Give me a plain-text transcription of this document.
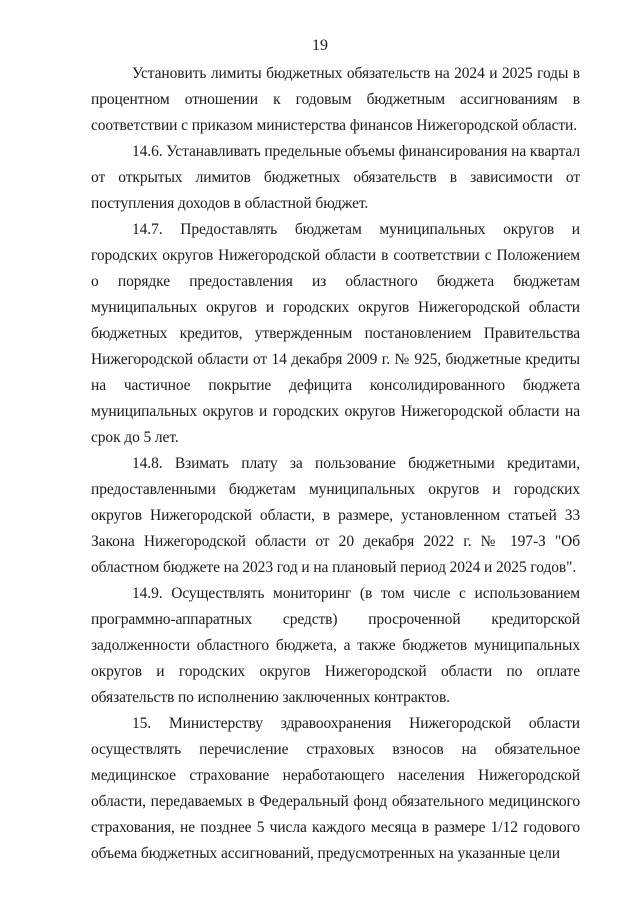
19

Установить лимиты бюджетных обязательств на 2024 и 2025 годы в процентном отношении к годовым бюджетным ассигнованиям в соответствии с приказом министерства финансов Нижегородской области.

14.6. Устанавливать предельные объемы финансирования на квартал от открытых лимитов бюджетных обязательств в зависимости от поступления доходов в областной бюджет.

14.7. Предоставлять бюджетам муниципальных округов и городских округов Нижегородской области в соответствии с Положением о порядке предоставления из областного бюджета бюджетам муниципальных округов и городских округов Нижегородской области бюджетных кредитов, утвержденным постановлением Правительства Нижегородской области от 14 декабря 2009 г. № 925, бюджетные кредиты на частичное покрытие дефицита консолидированного бюджета муниципальных округов и городских округов Нижегородской области на срок до 5 лет.

14.8. Взимать плату за пользование бюджетными кредитами, предоставленными бюджетам муниципальных округов и городских округов Нижегородской области, в размере, установленном статьей 33 Закона Нижегородской области от 20 декабря 2022 г. № 197-З "Об областном бюджете на 2023 год и на плановый период 2024 и 2025 годов".

14.9. Осуществлять мониторинг (в том числе с использованием программно-аппаратных средств) просроченной кредиторской задолженности областного бюджета, а также бюджетов муниципальных округов и городских округов Нижегородской области по оплате обязательств по исполнению заключенных контрактов.

15. Министерству здравоохранения Нижегородской области осуществлять перечисление страховых взносов на обязательное медицинское страхование неработающего населения Нижегородской области, передаваемых в Федеральный фонд обязательного медицинского страхования, не позднее 5 числа каждого месяца в размере 1/12 годового объема бюджетных ассигнований, предусмотренных на указанные цели
